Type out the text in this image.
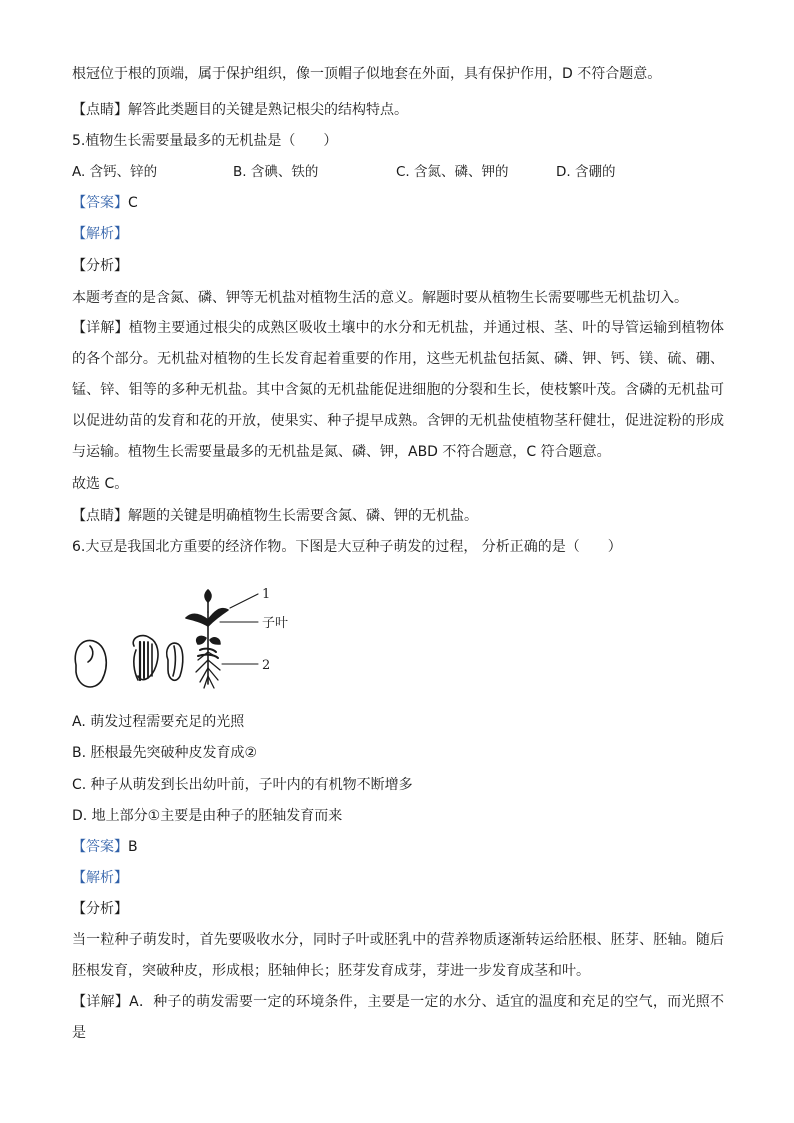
根冠位于根的顶端，属于保护组织，像一顶帽子似地套在外面，具有保护作用，D 不符合题意。
【点睛】解答此类题目的关键是熟记根尖的结构特点。
5.植物生长需要量最多的无机盐是（　　）
A. 含钙、锌的	B. 含碘、铁的	C. 含氮、磷、钾的	D. 含硼的
【答案】C
【解析】
【分析】
本题考查的是含氮、磷、钾等无机盐对植物生活的意义。解题时要从植物生长需要哪些无机盐切入。
【详解】植物主要通过根尖的成熟区吸收土壤中的水分和无机盐，并通过根、茎、叶的导管运输到植物体的各个部分。无机盐对植物的生长发育起着重要的作用，这些无机盐包括氮、磷、钾、钙、镁、硫、硼、锰、锌、钼等的多种无机盐。其中含氮的无机盐能促进细胞的分裂和生长，使枝繁叶茂。含磷的无机盐可以促进幼苗的发育和花的开放，使果实、种子提早成熟。含钾的无机盐使植物茎秆健壮，促进淀粉的形成与运输。植物生长需要量最多的无机盐是氮、磷、钾，ABD 不符合题意，C 符合题意。
故选 C。
【点睛】解题的关键是明确植物生长需要含氮、磷、钾的无机盐。
6.大豆是我国北方重要的经济作物。下图是大豆种子萌发的过程， 分析正确的是（　　）
1
子叶
2
A. 萌发过程需要充足的光照
B. 胚根最先突破种皮发育成②
C. 种子从萌发到长出幼叶前，子叶内的有机物不断增多
D. 地上部分①主要是由种子的胚轴发育而来
【答案】B
【解析】
【分析】
当一粒种子萌发时，首先要吸收水分，同时子叶或胚乳中的营养物质逐渐转运给胚根、胚芽、胚轴。随后胚根发育，突破种皮，形成根；胚轴伸长；胚芽发育成芽，芽进一步发育成茎和叶。
【详解】A．种子的萌发需要一定的环境条件，主要是一定的水分、适宜的温度和充足的空气，而光照不是
